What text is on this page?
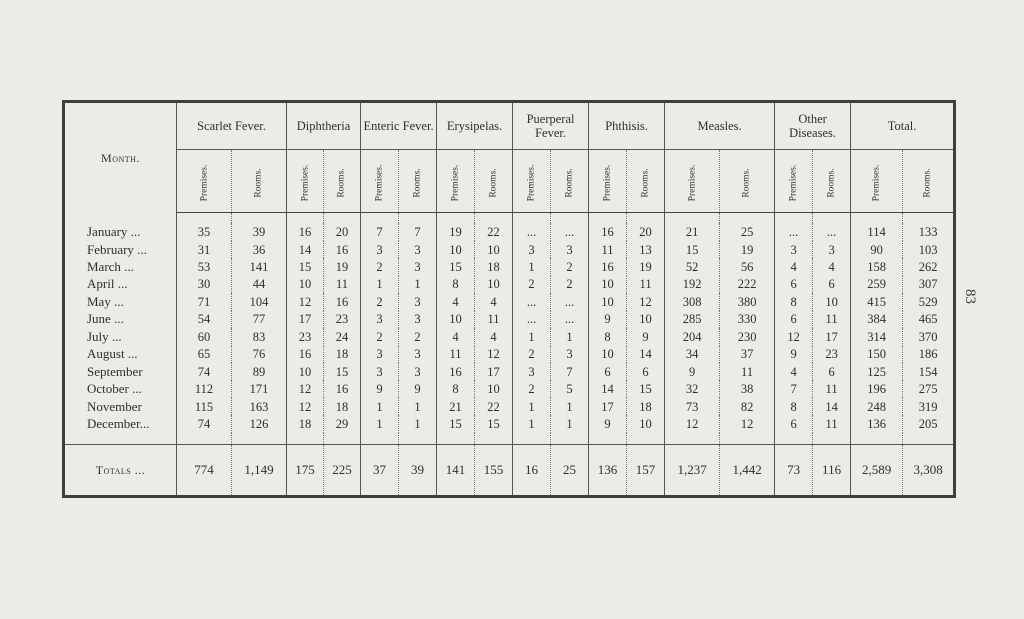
83
Month.	Scarlet Fever.		Diphtheria		Enteric Fever.		Erysipelas.		Puerperal Fever.		Phthisis.		Measles.		Other Diseases.		Total.	
	Premises.	Rooms.	Premises.	Rooms.	Premises.	Rooms.	Premises.	Rooms.	Premises.	Rooms.	Premises.	Rooms.	Premises.	Rooms.	Premises.	Rooms.	Premises.	Rooms.

January ...	35	39	16	20	7	7	19	22	...	...	16	20	21	25	...	...	114	133
February ...	31	36	14	16	3	3	10	10	3	3	11	13	15	19	3	3	90	103
March ...	53	141	15	19	2	3	15	18	1	2	16	19	52	56	4	4	158	262
April ...	30	44	10	11	1	1	8	10	2	2	10	11	192	222	6	6	259	307
May ...	71	104	12	16	2	3	4	4	...	...	10	12	308	380	8	10	415	529
June ...	54	77	17	23	3	3	10	11	...	...	9	10	285	330	6	11	384	465
July ...	60	83	23	24	2	2	4	4	1	1	8	9	204	230	12	17	314	370
August ...	65	76	16	18	3	3	11	12	2	3	10	14	34	37	9	23	150	186
September	74	89	10	15	3	3	16	17	3	7	6	6	9	11	4	6	125	154
October ...	112	171	12	16	9	9	8	10	2	5	14	15	32	38	7	11	196	275
November	115	163	12	18	1	1	21	22	1	1	17	18	73	82	8	14	248	319
December...	74	126	18	29	1	1	15	15	1	1	9	10	12	12	6	11	136	205

Totals ...	774	1,149	175	225	37	39	141	155	16	25	136	157	1,237	1,442	73	116	2,589	3,308
